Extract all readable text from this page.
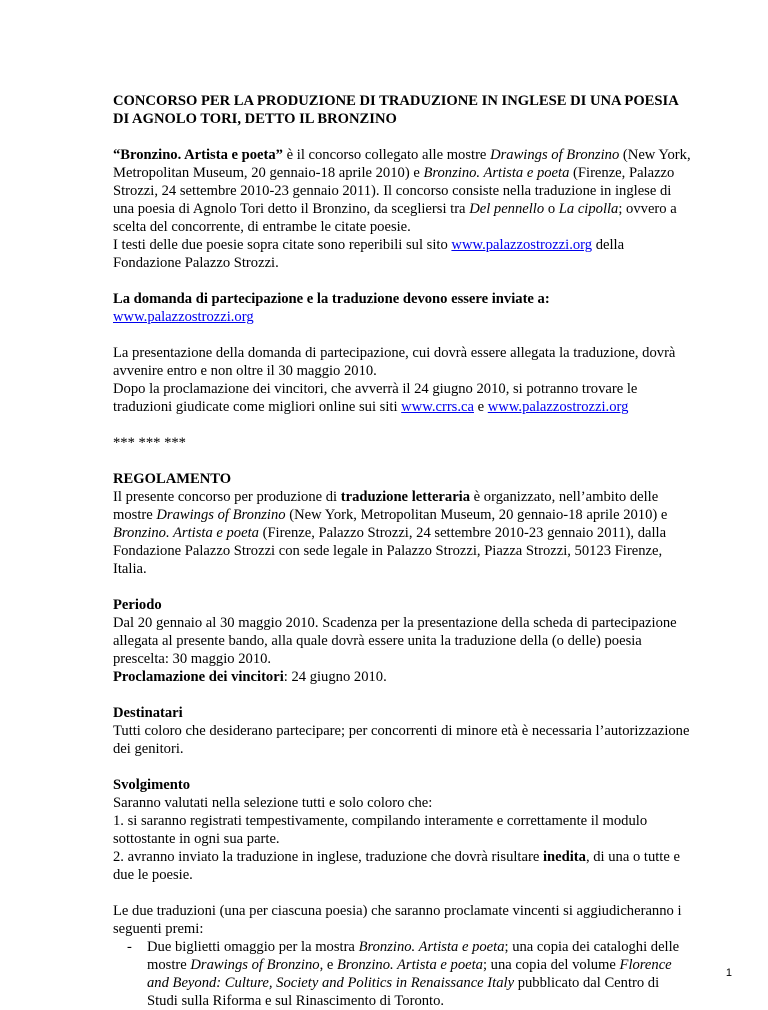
CONCORSO PER LA PRODUZIONE DI TRADUZIONE IN INGLESE DI UNA POESIA DI AGNOLO TORI, DETTO IL BRONZINO

“Bronzino. Artista e poeta” è il concorso collegato alle mostre Drawings of Bronzino (New York, Metropolitan Museum, 20 gennaio-18 aprile 2010) e Bronzino. Artista e poeta (Firenze, Palazzo Strozzi, 24 settembre 2010-23 gennaio 2011). Il concorso consiste nella traduzione in inglese di una poesia di Agnolo Tori detto il Bronzino, da scegliersi tra Del pennello o La cipolla; ovvero a scelta del concorrente, di entrambe le citate poesie.

I testi delle due poesie sopra citate sono reperibili sul sito www.palazzostrozzi.org della Fondazione Palazzo Strozzi.

La domanda di partecipazione e la traduzione devono essere inviate a:

www.palazzostrozzi.org

La presentazione della domanda di partecipazione, cui dovrà essere allegata la traduzione, dovrà avvenire entro e non oltre il 30 maggio 2010.

Dopo la proclamazione dei vincitori, che avverrà il 24 giugno 2010, si potranno trovare le traduzioni giudicate come migliori online sui siti www.crrs.ca e www.palazzostrozzi.org

*** *** ***

REGOLAMENTO

Il presente concorso per produzione di traduzione letteraria è organizzato, nell’ambito delle mostre Drawings of Bronzino (New York, Metropolitan Museum, 20 gennaio-18 aprile 2010) e Bronzino. Artista e poeta (Firenze, Palazzo Strozzi, 24 settembre 2010-23 gennaio 2011), dalla Fondazione Palazzo Strozzi con sede legale in Palazzo Strozzi, Piazza Strozzi, 50123 Firenze, Italia.

Periodo

Dal 20 gennaio al 30 maggio 2010. Scadenza per la presentazione della scheda di partecipazione allegata al presente bando, alla quale dovrà essere unita la traduzione della (o delle) poesia prescelta: 30 maggio 2010.

Proclamazione dei vincitori: 24 giugno 2010.

Destinatari

Tutti coloro che desiderano partecipare; per concorrenti di minore età è necessaria l’autorizzazione dei genitori.

Svolgimento

Saranno valutati nella selezione tutti e solo coloro che:

1. si saranno registrati tempestivamente, compilando interamente e correttamente il modulo sottostante in ogni sua parte.

2. avranno inviato la traduzione in inglese, traduzione che dovrà risultare inedita, di una o tutte e due le poesie.

Le due traduzioni (una per ciascuna poesia) che saranno proclamate vincenti si aggiudicheranno i seguenti premi:

- Due biglietti omaggio per la mostra Bronzino. Artista e poeta; una copia dei cataloghi delle mostre Drawings of Bronzino, e Bronzino. Artista e poeta; una copia del volume Florence and Beyond: Culture, Society and Politics in Renaissance Italy pubblicato dal Centro di Studi sulla Riforma e sul Rinascimento di Toronto.
1
